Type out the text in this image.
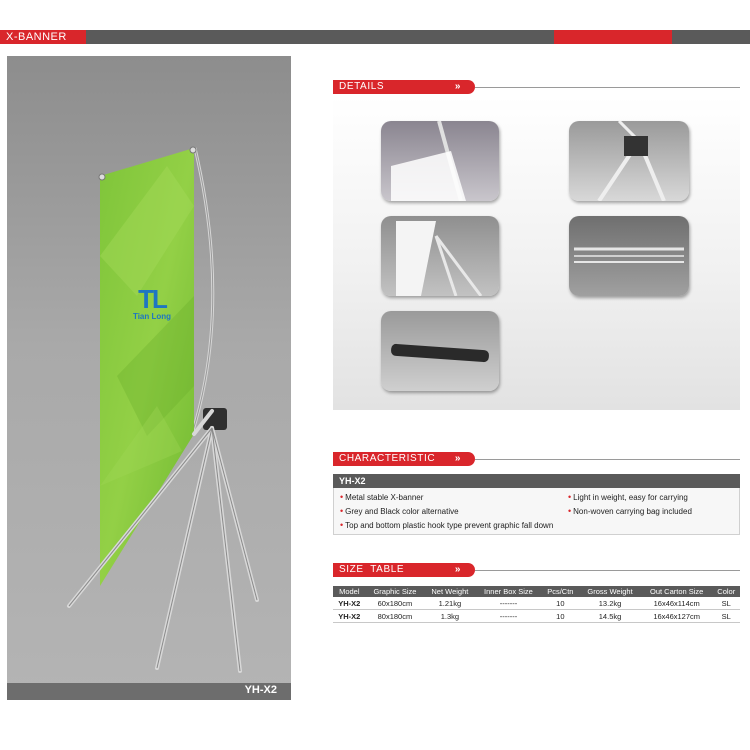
X-BANNER
TL
Tian Long
YH-X2
DETAILS	»
CHARACTERISTIC »
YH-X2
• Metal stable X-banner
• Grey and Black color alternative
• Top and bottom plastic hook type prevent graphic fall down
• Light in weight, easy for carrying
• Non-woven carrying bag included
SIZE  TABLE	»
Model	Graphic Size	Net Weight	Inner Box Size	Pcs/Ctn	Gross Weight	Out Carton Size	Color
YH-X2	60x180cm	1.21kg	-------	10	13.2kg	16x46x114cm	SL
YH-X2	80x180cm	1.3kg	-------	10	14.5kg	16x46x127cm	SL
